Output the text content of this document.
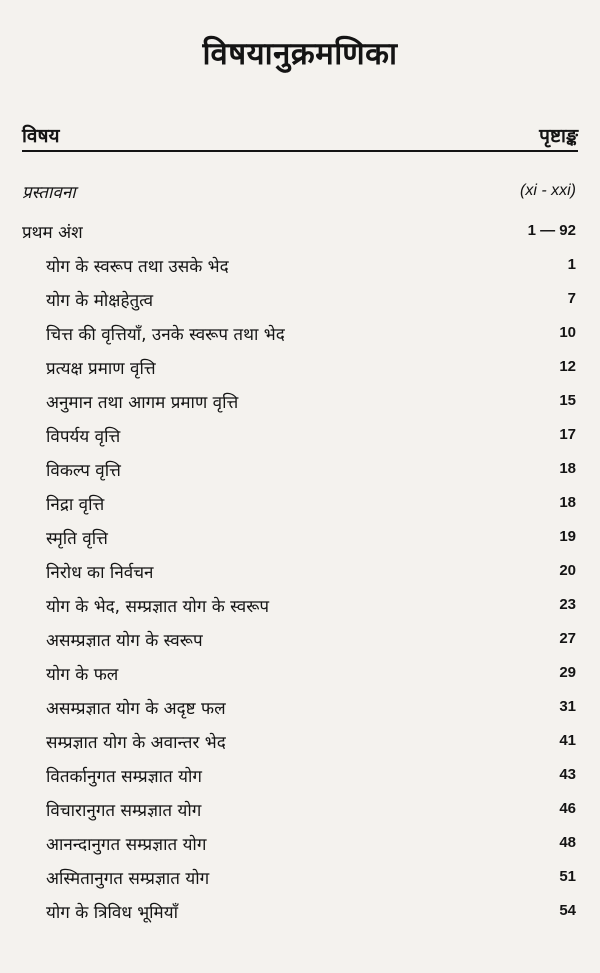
विषयानुक्रमणिका
विषय	पृष्टाङ्क
प्रस्तावना	(xi - xxi)
प्रथम अंश	1 — 92
योग के स्वरूप तथा उसके भेद	1
योग के मोक्षहेतुत्व	7
चित्त की वृत्तियाँ, उनके स्वरूप तथा भेद	10
प्रत्यक्ष प्रमाण वृत्ति	12
अनुमान तथा आगम प्रमाण वृत्ति	15
विपर्यय वृत्ति	17
विकल्प वृत्ति	18
निद्रा वृत्ति	18
स्मृति वृत्ति	19
निरोध का निर्वचन	20
योग के भेद, सम्प्रज्ञात योग के स्वरूप	23
असम्प्रज्ञात योग के स्वरूप	27
योग के फल	29
असम्प्रज्ञात योग के अदृष्ट फल	31
सम्प्रज्ञात योग के अवान्तर भेद	41
वितर्कानुगत सम्प्रज्ञात योग	43
विचारानुगत सम्प्रज्ञात योग	46
आनन्दानुगत सम्प्रज्ञात योग	48
अस्मितानुगत सम्प्रज्ञात योग	51
योग के त्रिविध भूमियाँ	54
